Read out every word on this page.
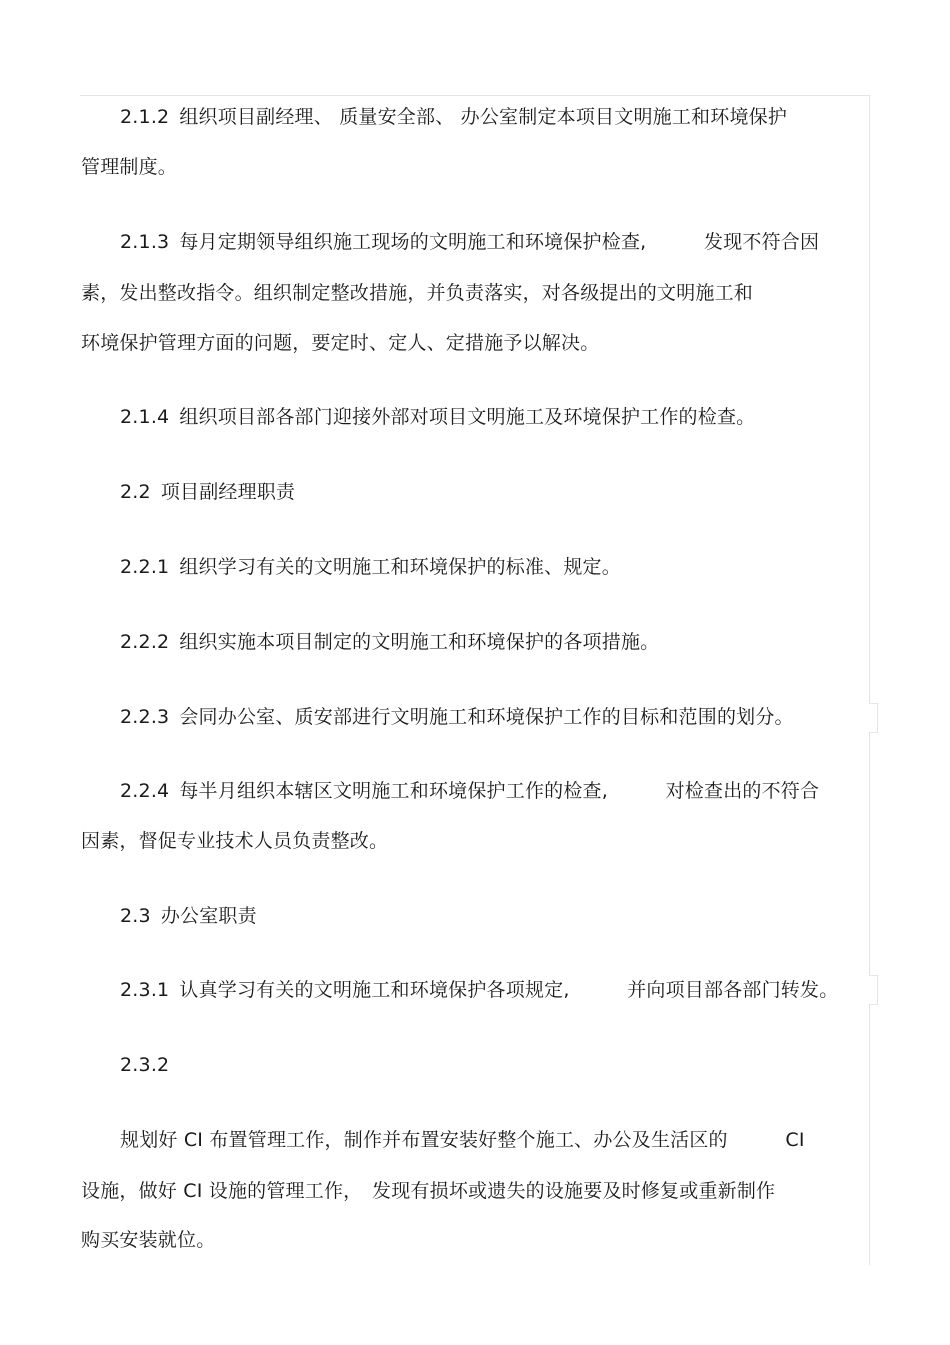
2.1.2 组织项目副经理、 质量安全部、 办公室制定本项目文明施工和环境保护

管理制度。

2.1.3 每月定期领导组织施工现场的文明施工和环境保护检查,　　　发现不符合因

素，发出整改指令。组织制定整改措施，并负责落实，对各级提出的文明施工和

环境保护管理方面的问题，要定时、定人、定措施予以解决。

2.1.4 组织项目部各部门迎接外部对项目文明施工及环境保护工作的检查。

2.2 项目副经理职责

2.2.1 组织学习有关的文明施工和环境保护的标准、规定。

2.2.2 组织实施本项目制定的文明施工和环境保护的各项措施。

2.2.3 会同办公室、质安部进行文明施工和环境保护工作的目标和范围的划分。

2.2.4 每半月组织本辖区文明施工和环境保护工作的检查,　　　对检查出的不符合

因素，督促专业技术人员负责整改。

2.3 办公室职责

2.3.1 认真学习有关的文明施工和环境保护各项规定,　　　并向项目部各部门转发。

2.3.2

规划好 CI 布置管理工作，制作并布置安装好整个施工、办公及生活区的　　　CI

设施，做好 CI 设施的管理工作，　发现有损坏或遗失的设施要及时修复或重新制作

购买安装就位。
